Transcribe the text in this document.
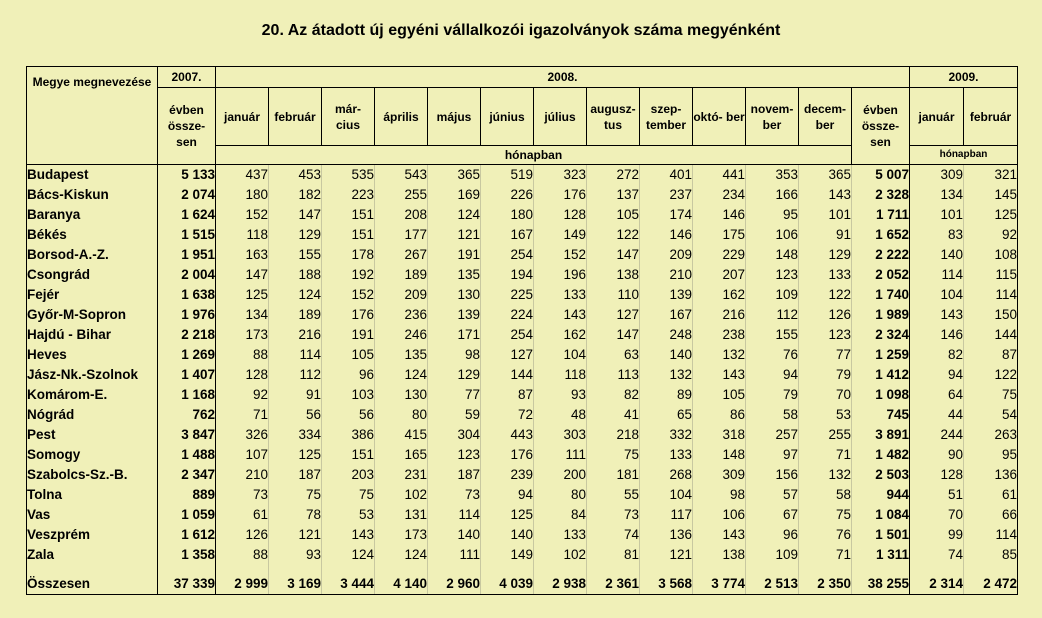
20. Az átadott új egyéni vállalkozói igazolványok száma megyénként
Megye megnevezése	2007.	2008.													2009.	
	évben össze- sen	január	február	már- cius	április	május	június	július	augusz- tus	szep- tember	októ- ber	novem- ber	decem- ber	évben össze- sen	január	február
		hónapban													hónapban	
Budapest	5 133	437	453	535	543	365	519	323	272	401	441	353	365	5 007	309	321
Bács-Kiskun	2 074	180	182	223	255	169	226	176	137	237	234	166	143	2 328	134	145
Baranya	1 624	152	147	151	208	124	180	128	105	174	146	95	101	1 711	101	125
Békés	1 515	118	129	151	177	121	167	149	122	146	175	106	91	1 652	83	92
Borsod-A.-Z.	1 951	163	155	178	267	191	254	152	147	209	229	148	129	2 222	140	108
Csongrád	2 004	147	188	192	189	135	194	196	138	210	207	123	133	2 052	114	115
Fejér	1 638	125	124	152	209	130	225	133	110	139	162	109	122	1 740	104	114
Győr-M-Sopron	1 976	134	189	176	236	139	224	143	127	167	216	112	126	1 989	143	150
Hajdú - Bihar	2 218	173	216	191	246	171	254	162	147	248	238	155	123	2 324	146	144
Heves	1 269	88	114	105	135	98	127	104	63	140	132	76	77	1 259	82	87
Jász-Nk.-Szolnok	1 407	128	112	96	124	129	144	118	113	132	143	94	79	1 412	94	122
Komárom-E.	1 168	92	91	103	130	77	87	93	82	89	105	79	70	1 098	64	75
Nógrád	762	71	56	56	80	59	72	48	41	65	86	58	53	745	44	54
Pest	3 847	326	334	386	415	304	443	303	218	332	318	257	255	3 891	244	263
Somogy	1 488	107	125	151	165	123	176	111	75	133	148	97	71	1 482	90	95
Szabolcs-Sz.-B.	2 347	210	187	203	231	187	239	200	181	268	309	156	132	2 503	128	136
Tolna	889	73	75	75	102	73	94	80	55	104	98	57	58	944	51	61
Vas	1 059	61	78	53	131	114	125	84	73	117	106	67	75	1 084	70	66
Veszprém	1 612	126	121	143	173	140	140	133	74	136	143	96	76	1 501	99	114
Zala	1 358	88	93	124	124	111	149	102	81	121	138	109	71	1 311	74	85

Összesen	37 339	2 999	3 169	3 444	4 140	2 960	4 039	2 938	2 361	3 568	3 774	2 513	2 350	38 255	2 314	2 472
